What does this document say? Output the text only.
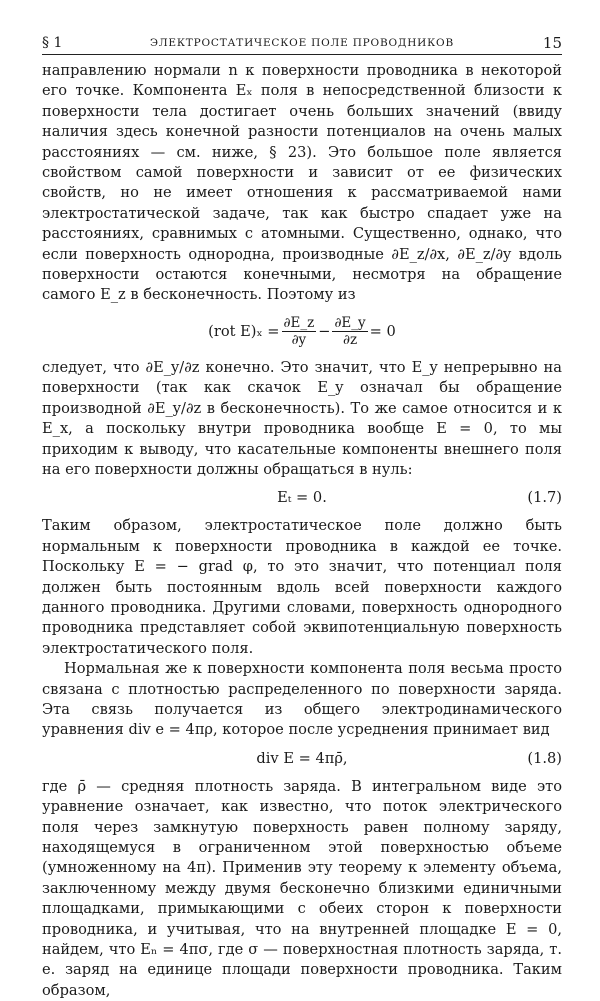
§ 1	ЭЛЕКТРОСТАТИЧЕСКОЕ ПОЛЕ ПРОВОДНИКОВ	15

направлению нормали n к поверхности проводника в некоторой его точке. Компонента Eₓ поля в непосредственной близости к поверхности тела достигает очень больших значений (ввиду наличия здесь конечной разности потенциалов на очень малых расстояниях — см. ниже, § 23). Это большое поле является свойством самой поверхности и зависит от ее физических свойств, но не имеет отношения к рассматриваемой нами электростатической задаче, так как быстро спадает уже на расстояниях, сравнимых с атомными. Существенно, однако, что если поверхность однородна, производные ∂E_z/∂x, ∂E_z/∂y вдоль поверхности остаются конечными, несмотря на обращение самого E_z в бесконечность. Поэтому из

(rot $E)_x = \frac{\partial E\_z}{\partial y} - \frac{\partial E\_y}{\partial z} = 0$

следует, что ∂E_y/∂z конечно. Это значит, что E_y непрерывно на поверхности (так как скачок E_y означал бы обращение производной ∂E_y/∂z в бесконечность). То же самое относится и к E_x, а поскольку внутри проводника вообще E = 0, то мы приходим к выводу, что касательные компоненты внешнего поля на его поверхности должны обращаться в нуль:

Eₜ = 0.	(1.7)

Таким образом, электростатическое поле должно быть нормальным к поверхности проводника в каждой ее точке. Поскольку E = − grad φ, то это значит, что потенциал поля должен быть постоянным вдоль всей поверхности каждого данного проводника. Другими словами, поверхность однородного проводника представляет собой эквипотенциальную поверхность электростатического поля.

Нормальная же к поверхности компонента поля весьма просто связана с плотностью распределенного по поверхности заряда. Эта связь получается из общего электродинамического уравнения div e = 4πρ, которое после усреднения принимает вид

div E = 4πρ̄,	(1.8)

где ρ̄ — средняя плотность заряда. В интегральном виде это уравнение означает, как известно, что поток электрического поля через замкнутую поверхность равен полному заряду, находящемуся в ограниченном этой поверхностью объеме (умноженному на 4π). Применив эту теорему к элементу объема, заключенному между двумя бесконечно близкими единичными площадками, примыкающими с обеих сторон к поверхности проводника, и учитывая, что на внутренней площадке E = 0, найдем, что Eₙ = 4πσ, где σ — поверхностная плотность заряда, т. е. заряд на единице площади поверхности проводника. Таким образом,
